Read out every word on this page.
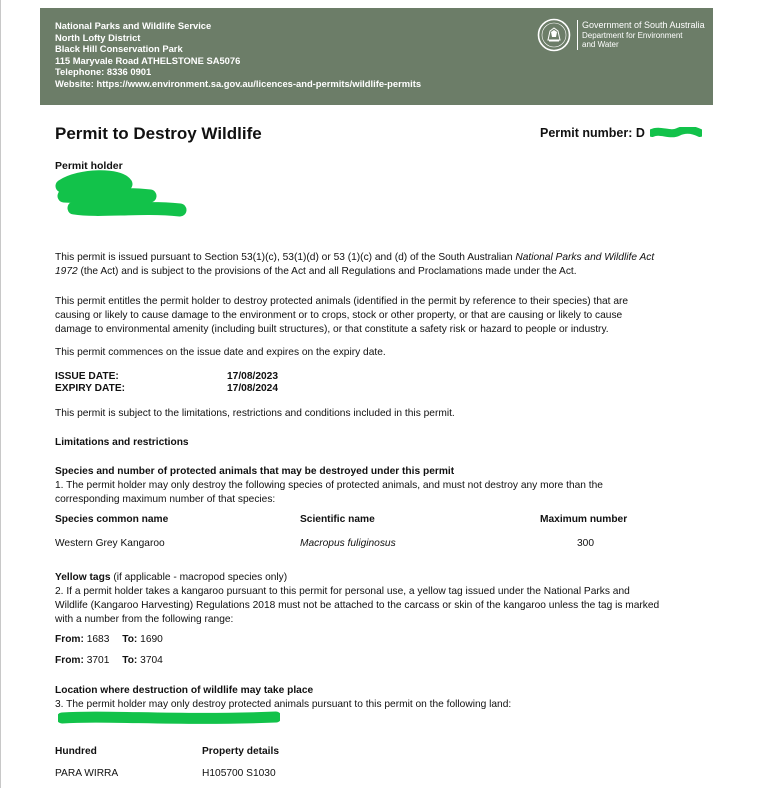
National Parks and Wildlife Service
North Lofty District
Black Hill Conservation Park
115 Maryvale Road ATHELSTONE SA5076
Telephone: 8336 0901
Website: https://www.environment.sa.gov.au/licences-and-permits/wildlife-permits
Government of South Australia
Department for Environment
and Water
Permit to Destroy Wildlife	Permit number: D
Permit holder
This permit is issued pursuant to Section 53(1)(c), 53(1)(d) or 53 (1)(c) and (d) of the South Australian National Parks and Wildlife Act
1972 (the Act) and is subject to the provisions of the Act and all Regulations and Proclamations made under the Act.
This permit entitles the permit holder to destroy protected animals (identified in the permit by reference to their species) that are
causing or likely to cause damage to the environment or to crops, stock or other property, or that are causing or likely to cause
damage to environmental amenity (including built structures), or that constitute a safety risk or hazard to people or industry.
This permit commences on the issue date and expires on the expiry date.
ISSUE DATE:	17/08/2023
EXPIRY DATE:	17/08/2024
This permit is subject to the limitations, restrictions and conditions included in this permit.
Limitations and restrictions
Species and number of protected animals that may be destroyed under this permit
1. The permit holder may only destroy the following species of protected animals, and must not destroy any more than the
corresponding maximum number of that species:
Species common name	Scientific name	Maximum number
Western Grey Kangaroo	Macropus fuliginosus	300
Yellow tags (if applicable - macropod species only)
2. If a permit holder takes a kangaroo pursuant to this permit for personal use, a yellow tag issued under the National Parks and
Wildlife (Kangaroo Harvesting) Regulations 2018 must not be attached to the carcass or skin of the kangaroo unless the tag is marked
with a number from the following range:
From: 1683 To: 1690
From: 3701 To: 3704
Location where destruction of wildlife may take place
3. The permit holder may only destroy protected animals pursuant to this permit on the following land:
Hundred	Property details
PARA WIRRA	H105700 S1030
